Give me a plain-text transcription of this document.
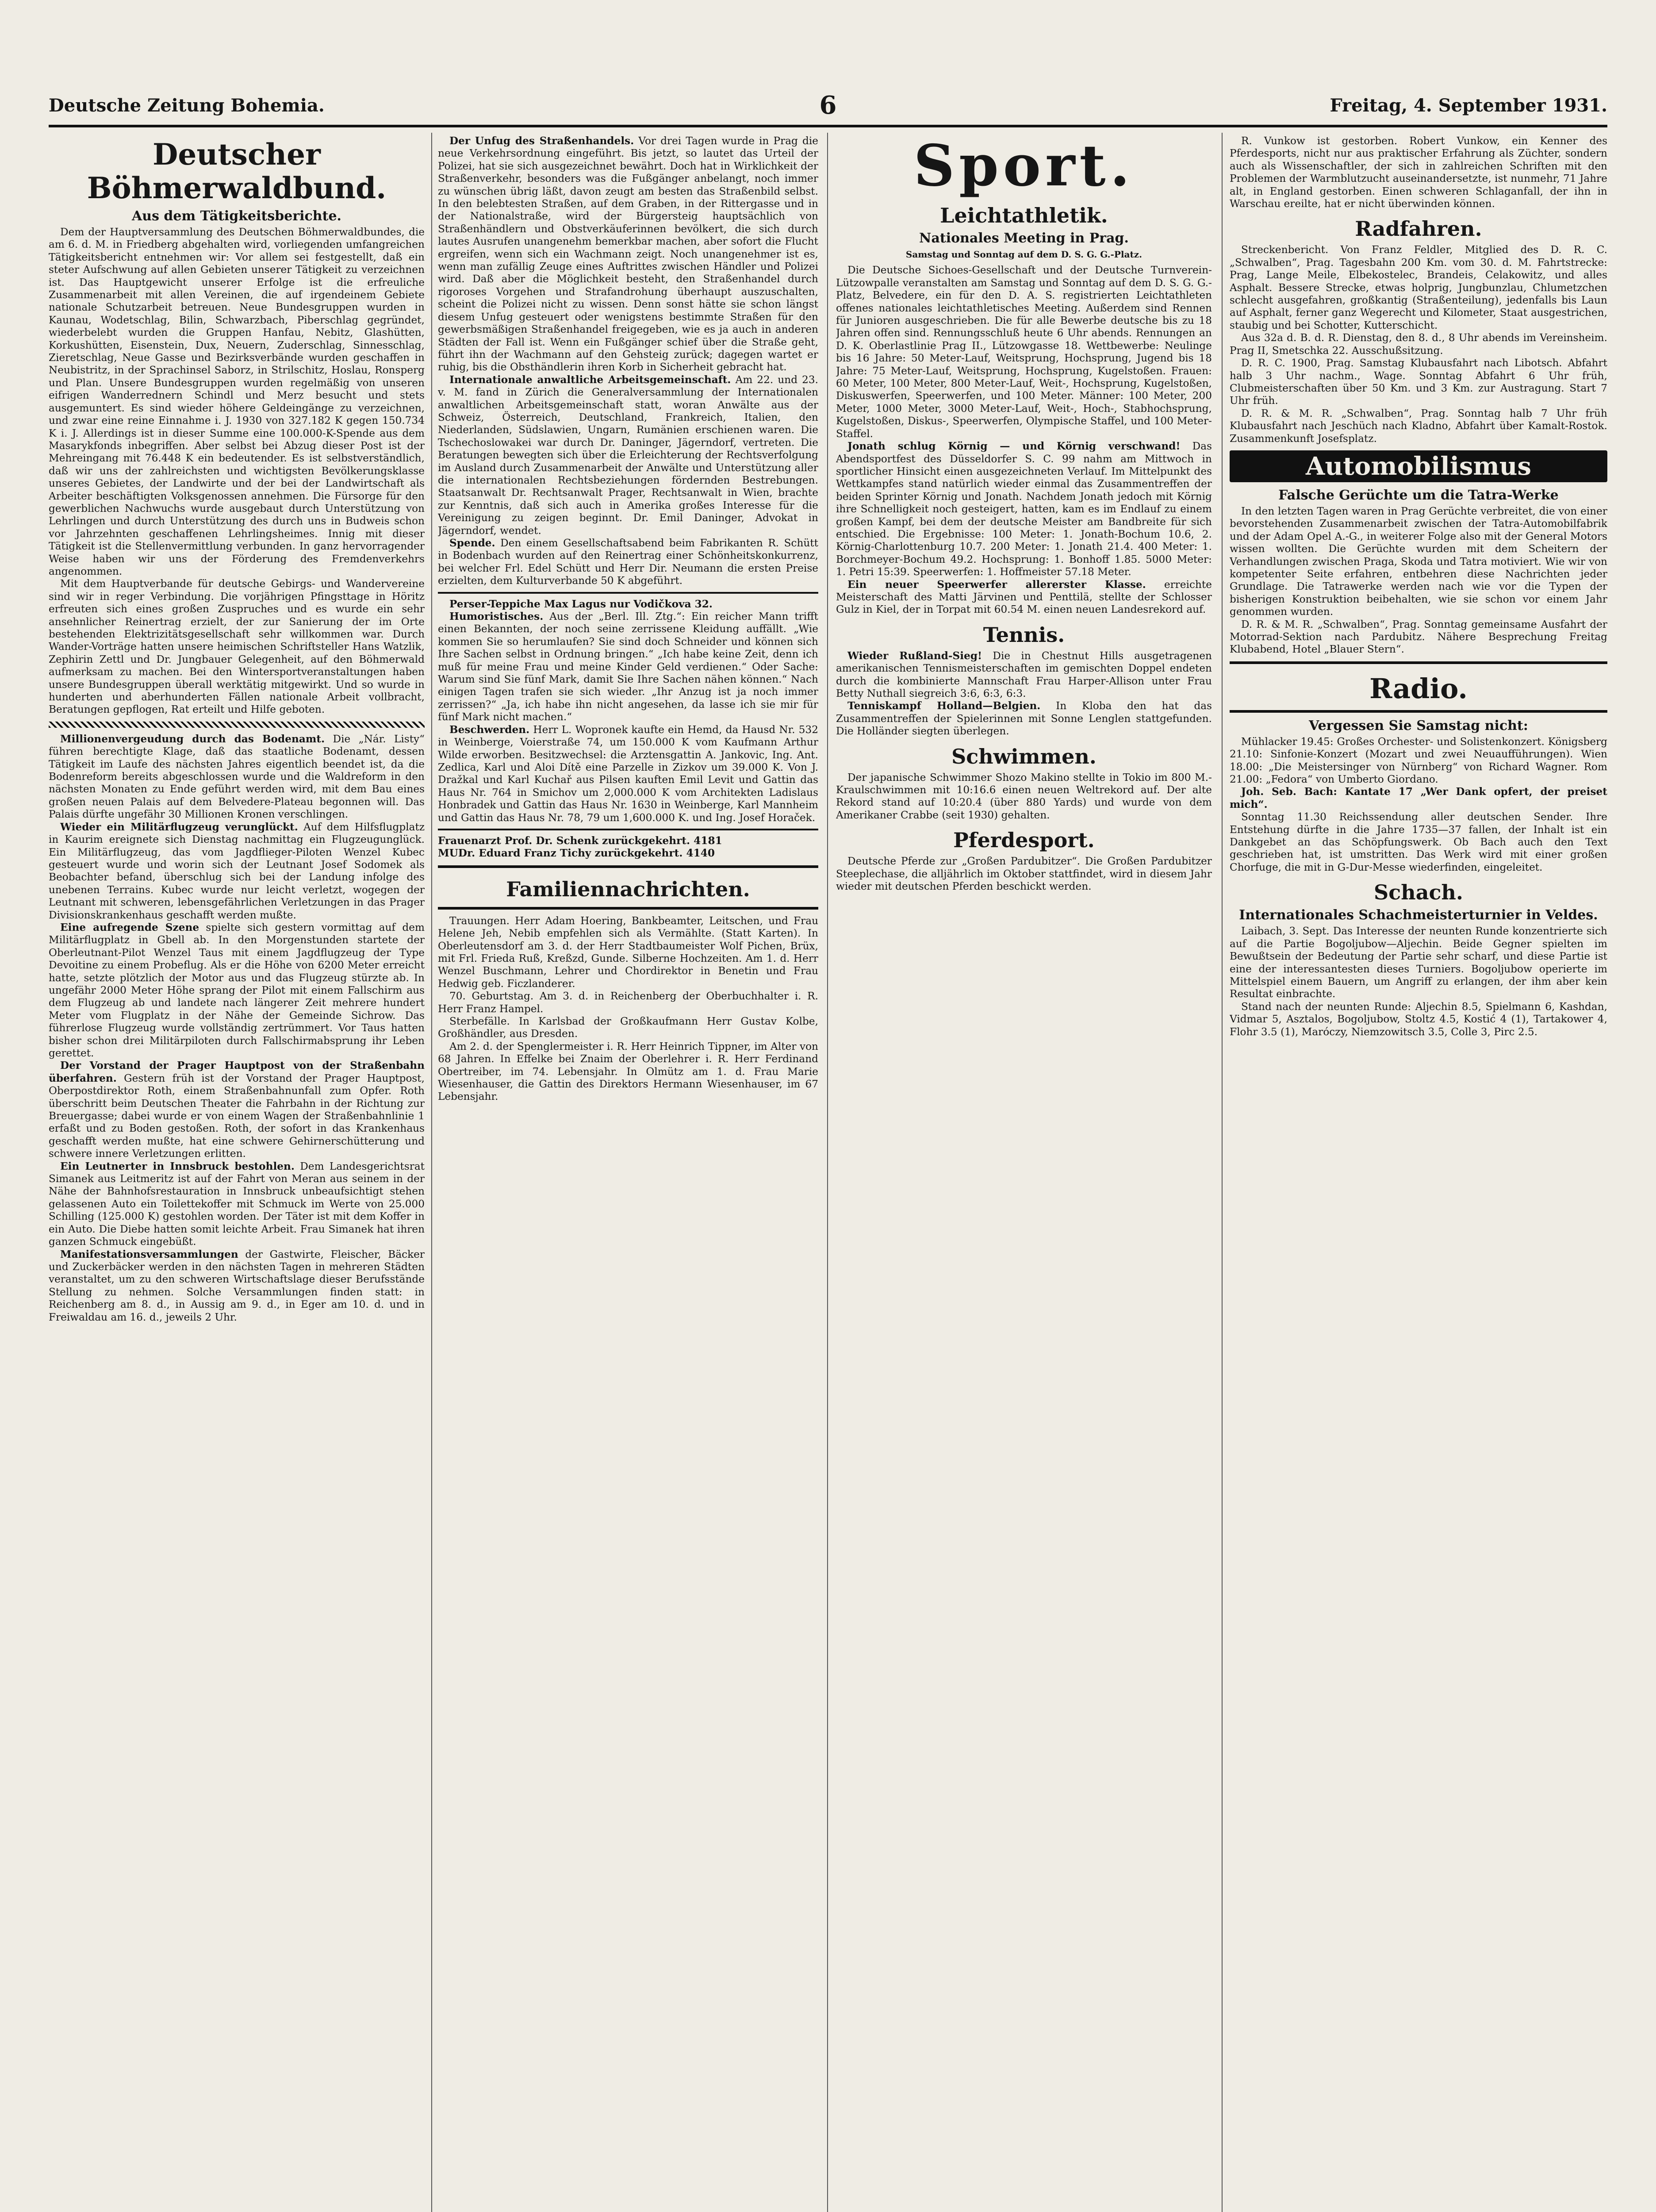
Deutsche Zeitung Bohemia.	6	Freitag, 4. September 1931.
Deutscher Böhmerwaldbund.
Aus dem Tätigkeitsberichte.

Dem der Hauptversammlung des Deutschen Böhmerwaldbundes, die am 6. d. M. in Friedberg abgehalten wird, vorliegenden umfangreichen Tätigkeitsbericht entnehmen wir: Vor allem sei festgestellt, daß ein steter Aufschwung auf allen Gebieten unserer Tätigkeit zu verzeichnen ist. Das Hauptgewicht unserer Erfolge ist die erfreuliche Zusammenarbeit mit allen Vereinen, die auf irgendeinem Gebiete nationale Schutzarbeit betreuen. Neue Bundesgruppen wurden in Kaunau, Wodetschlag, Bilin, Schwarzbach, Piberschlag gegründet, wiederbelebt wurden die Gruppen Hanfau, Nebitz, Glashütten, Korkushütten, Eisenstein, Dux, Neuern, Zuderschlag, Sinnesschlag, Zieretschlag, Neue Gasse und Bezirksverbände wurden geschaffen in Neubistritz, in der Sprachinsel Saborz, in Strilschitz, Hoslau, Ronsperg und Plan. Unsere Bundesgruppen wurden regelmäßig von unseren eifrigen Wanderrednern Schindl und Merz besucht und stets ausgemuntert. Es sind wieder höhere Geldeingänge zu verzeichnen, und zwar eine reine Einnahme i. J. 1930 von 327.182 K gegen 150.734 K i. J. Allerdings ist in dieser Summe eine 100.000-K-Spende aus dem Masarykfonds inbegriffen. Aber selbst bei Abzug dieser Post ist der Mehreingang mit 76.448 K ein bedeutender. Es ist selbstverständlich, daß wir uns der zahlreichsten und wichtigsten Bevölkerungsklasse unseres Gebietes, der Landwirte und der bei der Landwirtschaft als Arbeiter beschäftigten Volksgenossen annehmen. Die Fürsorge für den gewerblichen Nachwuchs wurde ausgebaut durch Unterstützung von Lehrlingen und durch Unterstützung des durch uns in Budweis schon vor Jahrzehnten geschaffenen Lehrlingsheimes. Innig mit dieser Tätigkeit ist die Stellenvermittlung verbunden. In ganz hervorragender Weise haben wir uns der Förderung des Fremdenverkehrs angenommen.

Mit dem Hauptverbande für deutsche Gebirgs- und Wandervereine sind wir in reger Verbindung. Die vorjährigen Pfingsttage in Höritz erfreuten sich eines großen Zuspruches und es wurde ein sehr ansehnlicher Reinertrag erzielt, der zur Sanierung der im Orte bestehenden Elektrizitätsgesellschaft sehr willkommen war. Durch Wander-Vorträge hatten unsere heimischen Schriftsteller Hans Watzlik, Zephirin Zettl und Dr. Jungbauer Gelegenheit, auf den Böhmerwald aufmerksam zu machen. Bei den Wintersportveranstaltungen haben unsere Bundesgruppen überall werktätig mitgewirkt. Und so wurde in hunderten und aberhunderten Fällen nationale Arbeit vollbracht, Beratungen gepflogen, Rat erteilt und Hilfe geboten.

Millionenvergeudung durch das Bodenamt. Die „Nár. Listy“ führen berechtigte Klage, daß das staatliche Bodenamt, dessen Tätigkeit im Laufe des nächsten Jahres eigentlich beendet ist, da die Bodenreform bereits abgeschlossen wurde und die Waldreform in den nächsten Monaten zu Ende geführt werden wird, mit dem Bau eines großen neuen Palais auf dem Belvedere-Plateau begonnen will. Das Palais dürfte ungefähr 30 Millionen Kronen verschlingen.

Wieder ein Militärflugzeug verunglückt. Auf dem Hilfsflugplatz in Kaurim ereignete sich Dienstag nachmittag ein Flugzeugunglück. Ein Militärflugzeug, das vom Jagdflieger-Piloten Wenzel Kubec gesteuert wurde und worin sich der Leutnant Josef Sodomek als Beobachter befand, überschlug sich bei der Landung infolge des unebenen Terrains. Kubec wurde nur leicht verletzt, wogegen der Leutnant mit schweren, lebensgefährlichen Verletzungen in das Prager Divisionskrankenhaus geschafft werden mußte.

Eine aufregende Szene spielte sich gestern vormittag auf dem Militärflugplatz in Gbell ab. In den Morgenstunden startete der Oberleutnant-Pilot Wenzel Taus mit einem Jagdflugzeug der Type Devoitine zu einem Probeflug. Als er die Höhe von 6200 Meter erreicht hatte, setzte plötzlich der Motor aus und das Flugzeug stürzte ab. In ungefähr 2000 Meter Höhe sprang der Pilot mit einem Fallschirm aus dem Flugzeug ab und landete nach längerer Zeit mehrere hundert Meter vom Flugplatz in der Nähe der Gemeinde Sichrow. Das führerlose Flugzeug wurde vollständig zertrümmert. Vor Taus hatten bisher schon drei Militärpiloten durch Fallschirmabsprung ihr Leben gerettet.

Der Vorstand der Prager Hauptpost von der Straßenbahn überfahren. Gestern früh ist der Vorstand der Prager Hauptpost, Oberpostdirektor Roth, einem Straßenbahnunfall zum Opfer. Roth überschritt beim Deutschen Theater die Fahrbahn in der Richtung zur Breuergasse; dabei wurde er von einem Wagen der Straßenbahnlinie 1 erfaßt und zu Boden gestoßen. Roth, der sofort in das Krankenhaus geschafft werden mußte, hat eine schwere Gehirnerschütterung und schwere innere Verletzungen erlitten.

Ein Leutnerter in Innsbruck bestohlen. Dem Landesgerichtsrat Simanek aus Leitmeritz ist auf der Fahrt von Meran aus seinem in der Nähe der Bahnhofsrestauration in Innsbruck unbeaufsichtigt stehen gelassenen Auto ein Toilettekoffer mit Schmuck im Werte von 25.000 Schilling (125.000 K) gestohlen worden. Der Täter ist mit dem Koffer in ein Auto. Die Diebe hatten somit leichte Arbeit. Frau Simanek hat ihren ganzen Schmuck eingebüßt.

Manifestationsversammlungen der Gastwirte, Fleischer, Bäcker und Zuckerbäcker werden in den nächsten Tagen in mehreren Städten veranstaltet, um zu den schweren Wirtschaftslage dieser Berufsstände Stellung zu nehmen. Solche Versammlungen finden statt: in Reichenberg am 8. d., in Aussig am 9. d., in Eger am 10. d. und in Freiwaldau am 16. d., jeweils 2 Uhr.

Der Unfug des Straßenhandels. Vor drei Tagen wurde in Prag die neue Verkehrsordnung eingeführt. Bis jetzt, so lautet das Urteil der Polizei, hat sie sich ausgezeichnet bewährt. Doch hat in Wirklichkeit der Straßenverkehr, besonders was die Fußgänger anbelangt, noch immer zu wünschen übrig läßt, davon zeugt am besten das Straßenbild selbst. In den belebtesten Straßen, auf dem Graben, in der Rittergasse und in der Nationalstraße, wird der Bürgersteig hauptsächlich von Straßenhändlern und Obstverkäuferinnen bevölkert, die sich durch lautes Ausrufen unangenehm bemerkbar machen, aber sofort die Flucht ergreifen, wenn sich ein Wachmann zeigt. Noch unangenehmer ist es, wenn man zufällig Zeuge eines Auftrittes zwischen Händler und Polizei wird. Daß aber die Möglichkeit besteht, den Straßenhandel durch rigoroses Vorgehen und Strafandrohung überhaupt auszuschalten, scheint die Polizei nicht zu wissen. Denn sonst hätte sie schon längst diesem Unfug gesteuert oder wenigstens bestimmte Straßen für den gewerbsmäßigen Straßenhandel freigegeben, wie es ja auch in anderen Städten der Fall ist. Wenn ein Fußgänger schief über die Straße geht, führt ihn der Wachmann auf den Gehsteig zurück; dagegen wartet er ruhig, bis die Obsthändlerin ihren Korb in Sicherheit gebracht hat.

Internationale anwaltliche Arbeitsgemeinschaft. Am 22. und 23. v. M. fand in Zürich die Generalversammlung der Internationalen anwaltlichen Arbeitsgemeinschaft statt, woran Anwälte aus der Schweiz, Österreich, Deutschland, Frankreich, Italien, den Niederlanden, Südslawien, Ungarn, Rumänien erschienen waren. Die Tschechoslowakei war durch Dr. Daninger, Jägerndorf, vertreten. Die Beratungen bewegten sich über die Erleichterung der Rechtsverfolgung im Ausland durch Zusammenarbeit der Anwälte und Unterstützung aller die internationalen Rechtsbeziehungen fördernden Bestrebungen. Staatsanwalt Dr. Rechtsanwalt Prager, Rechtsanwalt in Wien, brachte zur Kenntnis, daß sich auch in Amerika großes Interesse für die Vereinigung zu zeigen beginnt. Dr. Emil Daninger, Advokat in Jägerndorf, wendet.

Spende. Den einem Gesellschaftsabend beim Fabrikanten R. Schütt in Bodenbach wurden auf den Reinertrag einer Schönheitskonkurrenz, bei welcher Frl. Edel Schütt und Herr Dir. Neumann die ersten Preise erzielten, dem Kulturverbande 50 K abgeführt.

Perser-Teppiche Max Lagus nur Vodičkova 32.

Humoristisches. Aus der „Berl. Ill. Ztg.“: Ein reicher Mann trifft einen Bekannten, der noch seine zerrissene Kleidung auffällt. „Wie kommen Sie so herumlaufen? Sie sind doch Schneider und können sich Ihre Sachen selbst in Ordnung bringen.“ „Ich habe keine Zeit, denn ich muß für meine Frau und meine Kinder Geld verdienen.“ Oder Sache: Warum sind Sie fünf Mark, damit Sie Ihre Sachen nähen können.“ Nach einigen Tagen trafen sie sich wieder. „Ihr Anzug ist ja noch immer zerrissen?“ „Ja, ich habe ihn nicht angesehen, da lasse ich sie mir für fünf Mark nicht machen.“

Beschwerden. Herr L. Wopronek kaufte ein Hemd, da Hausd Nr. 532 in Weinberge, Voierstraße 74, um 150.000 K vom Kaufmann Arthur Wilde erworben. Besitzwechsel: die Arztensgattin A. Jankovic, Ing. Ant. Zedlica, Karl und Aloi Dítě eine Parzelle in Zizkov um 39.000 K. Von J. Dražkal und Karl Kuchař aus Pilsen kauften Emil Levit und Gattin das Haus Nr. 764 in Smichov um 2,000.000 K vom Architekten Ladislaus Honbradek und Gattin das Haus Nr. 1630 in Weinberge, Karl Mannheim und Gattin das Haus Nr. 78, 79 um 1,600.000 K. und Ing. Josef Horaček.

Frauenarzt Prof. Dr. Schenk zurückgekehrt. 4181
MUDr. Eduard Franz Tichy zurückgekehrt. 4140
Familiennachrichten.

Trauungen. Herr Adam Hoering, Bankbeamter, Leitschen, und Frau Helene Jeh, Nebib empfehlen sich als Vermählte. (Statt Karten). In Oberleutensdorf am 3. d. der Herr Stadtbaumeister Wolf Pichen, Brüx, mit Frl. Frieda Ruß, Kreßzd, Gunde. Silberne Hochzeiten. Am 1. d. Herr Wenzel Buschmann, Lehrer und Chordirektor in Benetin und Frau Hedwig geb. Ficzlanderer.

70. Geburtstag. Am 3. d. in Reichenberg der Oberbuchhalter i. R. Herr Franz Hampel.

Sterbefälle. In Karlsbad der Großkaufmann Herr Gustav Kolbe, Großhändler, aus Dresden.

Am 2. d. der Spenglermeister i. R. Herr Heinrich Tippner, im Alter von 68 Jahren. In Effelke bei Znaim der Oberlehrer i. R. Herr Ferdinand Obertreiber, im 74. Lebensjahr. In Olmütz am 1. d. Frau Marie Wiesenhauser, die Gattin des Direktors Hermann Wiesenhauser, im 67 Lebensjahr.

Sport.
Leichtathletik.
Nationales Meeting in Prag.
Samstag und Sonntag auf dem D. S. G. G.-Platz.

Die Deutsche Sichoes-Gesellschaft und der Deutsche Turnverein-Lützowpalle veranstalten am Samstag und Sonntag auf dem D. S. G. G.-Platz, Belvedere, ein für den D. A. S. registrierten Leichtathleten offenes nationales leichtathletisches Meeting. Außerdem sind Rennen für Junioren ausgeschrieben. Die für alle Bewerbe deutsche bis zu 18 Jahren offen sind. Rennungsschluß heute 6 Uhr abends. Rennungen an D. K. Oberlastlinie Prag II., Lützowgasse 18. Wettbewerbe: Neulinge bis 16 Jahre: 50 Meter-Lauf, Weitsprung, Hochsprung, Jugend bis 18 Jahre: 75 Meter-Lauf, Weitsprung, Hochsprung, Kugelstoßen. Frauen: 60 Meter, 100 Meter, 800 Meter-Lauf, Weit-, Hochsprung, Kugelstoßen, Diskuswerfen, Speerwerfen, und 100 Meter. Männer: 100 Meter, 200 Meter, 1000 Meter, 3000 Meter-Lauf, Weit-, Hoch-, Stabhochsprung, Kugelstoßen, Diskus-, Speerwerfen, Olympische Staffel, und 100 Meter-Staffel.

Jonath schlug Körnig — und Körnig verschwand! Das Abendsportfest des Düsseldorfer S. C. 99 nahm am Mittwoch in sportlicher Hinsicht einen ausgezeichneten Verlauf. Im Mittelpunkt des Wettkampfes stand natürlich wieder einmal das Zusammentreffen der beiden Sprinter Körnig und Jonath. Nachdem Jonath jedoch mit Körnig ihre Schnelligkeit noch gesteigert, hatten, kam es im Endlauf zu einem großen Kampf, bei dem der deutsche Meister am Bandbreite für sich entschied. Die Ergebnisse: 100 Meter: 1. Jonath-Bochum 10.6, 2. Körnig-Charlottenburg 10.7. 200 Meter: 1. Jonath 21.4. 400 Meter: 1. Borchmeyer-Bochum 49.2. Hochsprung: 1. Bonhoff 1.85. 5000 Meter: 1. Petri 15:39. Speerwerfen: 1. Hoffmeister 57.18 Meter.

Ein neuer Speerwerfer allererster Klasse. erreichte Meisterschaft des Matti Järvinen und Penttilä, stellte der Schlosser Gulz in Kiel, der in Torpat mit 60.54 M. einen neuen Landesrekord auf.

Tennis.

Wieder Rußland-Sieg! Die in Chestnut Hills ausgetragenen amerikanischen Tennismeisterschaften im gemischten Doppel endeten durch die kombinierte Mannschaft Frau Harper-Allison unter Frau Betty Nuthall siegreich 3:6, 6:3, 6:3.

Tenniskampf Holland—Belgien. In Kloba den hat das Zusammentreffen der Spielerinnen mit Sonne Lenglen stattgefunden. Die Holländer siegten überlegen.

Schwimmen.

Der japanische Schwimmer Shozo Makino stellte in Tokio im 800 M.-Kraulschwimmen mit 10:16.6 einen neuen Weltrekord auf. Der alte Rekord stand auf 10:20.4 (über 880 Yards) und wurde von dem Amerikaner Crabbe (seit 1930) gehalten.

Pferdesport.

Deutsche Pferde zur „Großen Pardubitzer“. Die Großen Pardubitzer Steeplechase, die alljährlich im Oktober stattfindet, wird in diesem Jahr wieder mit deutschen Pferden beschickt werden.

R. Vunkow ist gestorben. Robert Vunkow, ein Kenner des Pferdesports, nicht nur aus praktischer Erfahrung als Züchter, sondern auch als Wissenschaftler, der sich in zahlreichen Schriften mit den Problemen der Warmblutzucht auseinandersetzte, ist nunmehr, 71 Jahre alt, in England gestorben. Einen schweren Schlaganfall, der ihn in Warschau ereilte, hat er nicht überwinden können.

Radfahren.

Streckenbericht. Von Franz Feldler, Mitglied des D. R. C. „Schwalben“, Prag. Tagesbahn 200 Km. vom 30. d. M. Fahrtstrecke: Prag, Lange Meile, Elbekostelec, Brandeis, Celakowitz, und alles Asphalt. Bessere Strecke, etwas holprig, Jungbunzlau, Chlumetzchen schlecht ausgefahren, großkantig (Straßenteilung), jedenfalls bis Laun auf Asphalt, ferner ganz Wegerecht und Kilometer, Staat ausgestrichen, staubig und bei Schotter, Kutterschicht.

Aus 32a d. B. d. R. Dienstag, den 8. d., 8 Uhr abends im Vereinsheim. Prag II, Smetschka 22. Ausschußsitzung.

D. R. C. 1900, Prag. Samstag Klubausfahrt nach Libotsch. Abfahrt halb 3 Uhr nachm., Wage. Sonntag Abfahrt 6 Uhr früh, Clubmeisterschaften über 50 Km. und 3 Km. zur Austragung. Start 7 Uhr früh.

D. R. & M. R. „Schwalben“, Prag. Sonntag halb 7 Uhr früh Klubausfahrt nach Jeschüch nach Kladno, Abfahrt über Kamalt-Rostok. Zusammenkunft Josefsplatz.

Automobilismus
Falsche Gerüchte um die Tatra-Werke

In den letzten Tagen waren in Prag Gerüchte verbreitet, die von einer bevorstehenden Zusammenarbeit zwischen der Tatra-Automobilfabrik und der Adam Opel A.-G., in weiterer Folge also mit der General Motors wissen wollten. Die Gerüchte wurden mit dem Scheitern der Verhandlungen zwischen Praga, Skoda und Tatra motiviert. Wie wir von kompetenter Seite erfahren, entbehren diese Nachrichten jeder Grundlage. Die Tatrawerke werden nach wie vor die Typen der bisherigen Konstruktion beibehalten, wie sie schon vor einem Jahr genommen wurden.

D. R. & M. R. „Schwalben“, Prag. Sonntag gemeinsame Ausfahrt der Motorrad-Sektion nach Pardubitz. Nähere Besprechung Freitag Klubabend, Hotel „Blauer Stern“.

Radio.
Vergessen Sie Samstag nicht:

Mühlacker 19.45: Großes Orchester- und Solistenkonzert. Königsberg 21.10: Sinfonie-Konzert (Mozart und zwei Neuaufführungen). Wien 18.00: „Die Meistersinger von Nürnberg“ von Richard Wagner. Rom 21.00: „Fedora“ von Umberto Giordano.

Joh. Seb. Bach: Kantate 17 „Wer Dank opfert, der preiset mich“.

Sonntag 11.30 Reichssendung aller deutschen Sender. Ihre Entstehung dürfte in die Jahre 1735—37 fallen, der Inhalt ist ein Dankgebet an das Schöpfungswerk. Ob Bach auch den Text geschrieben hat, ist umstritten. Das Werk wird mit einer großen Chorfuge, die mit in G-Dur-Messe wiederfinden, eingeleitet.

Schach.
Internationales Schachmeisterturnier in Veldes.

Laibach, 3. Sept. Das Interesse der neunten Runde konzentrierte sich auf die Partie Bogoljubow—Aljechin. Beide Gegner spielten im Bewußtsein der Bedeutung der Partie sehr scharf, und diese Partie ist eine der interessantesten dieses Turniers. Bogoljubow operierte im Mittelspiel einem Bauern, um Angriff zu erlangen, der ihm aber kein Resultat einbrachte.

Stand nach der neunten Runde: Aljechin 8.5, Spielmann 6, Kashdan, Vidmar 5, Asztalos, Bogoljubow, Stoltz 4.5, Kostić 4 (1), Tartakower 4, Flohr 3.5 (1), Maróczy, Niemzowitsch 3.5, Colle 3, Pirc 2.5.
